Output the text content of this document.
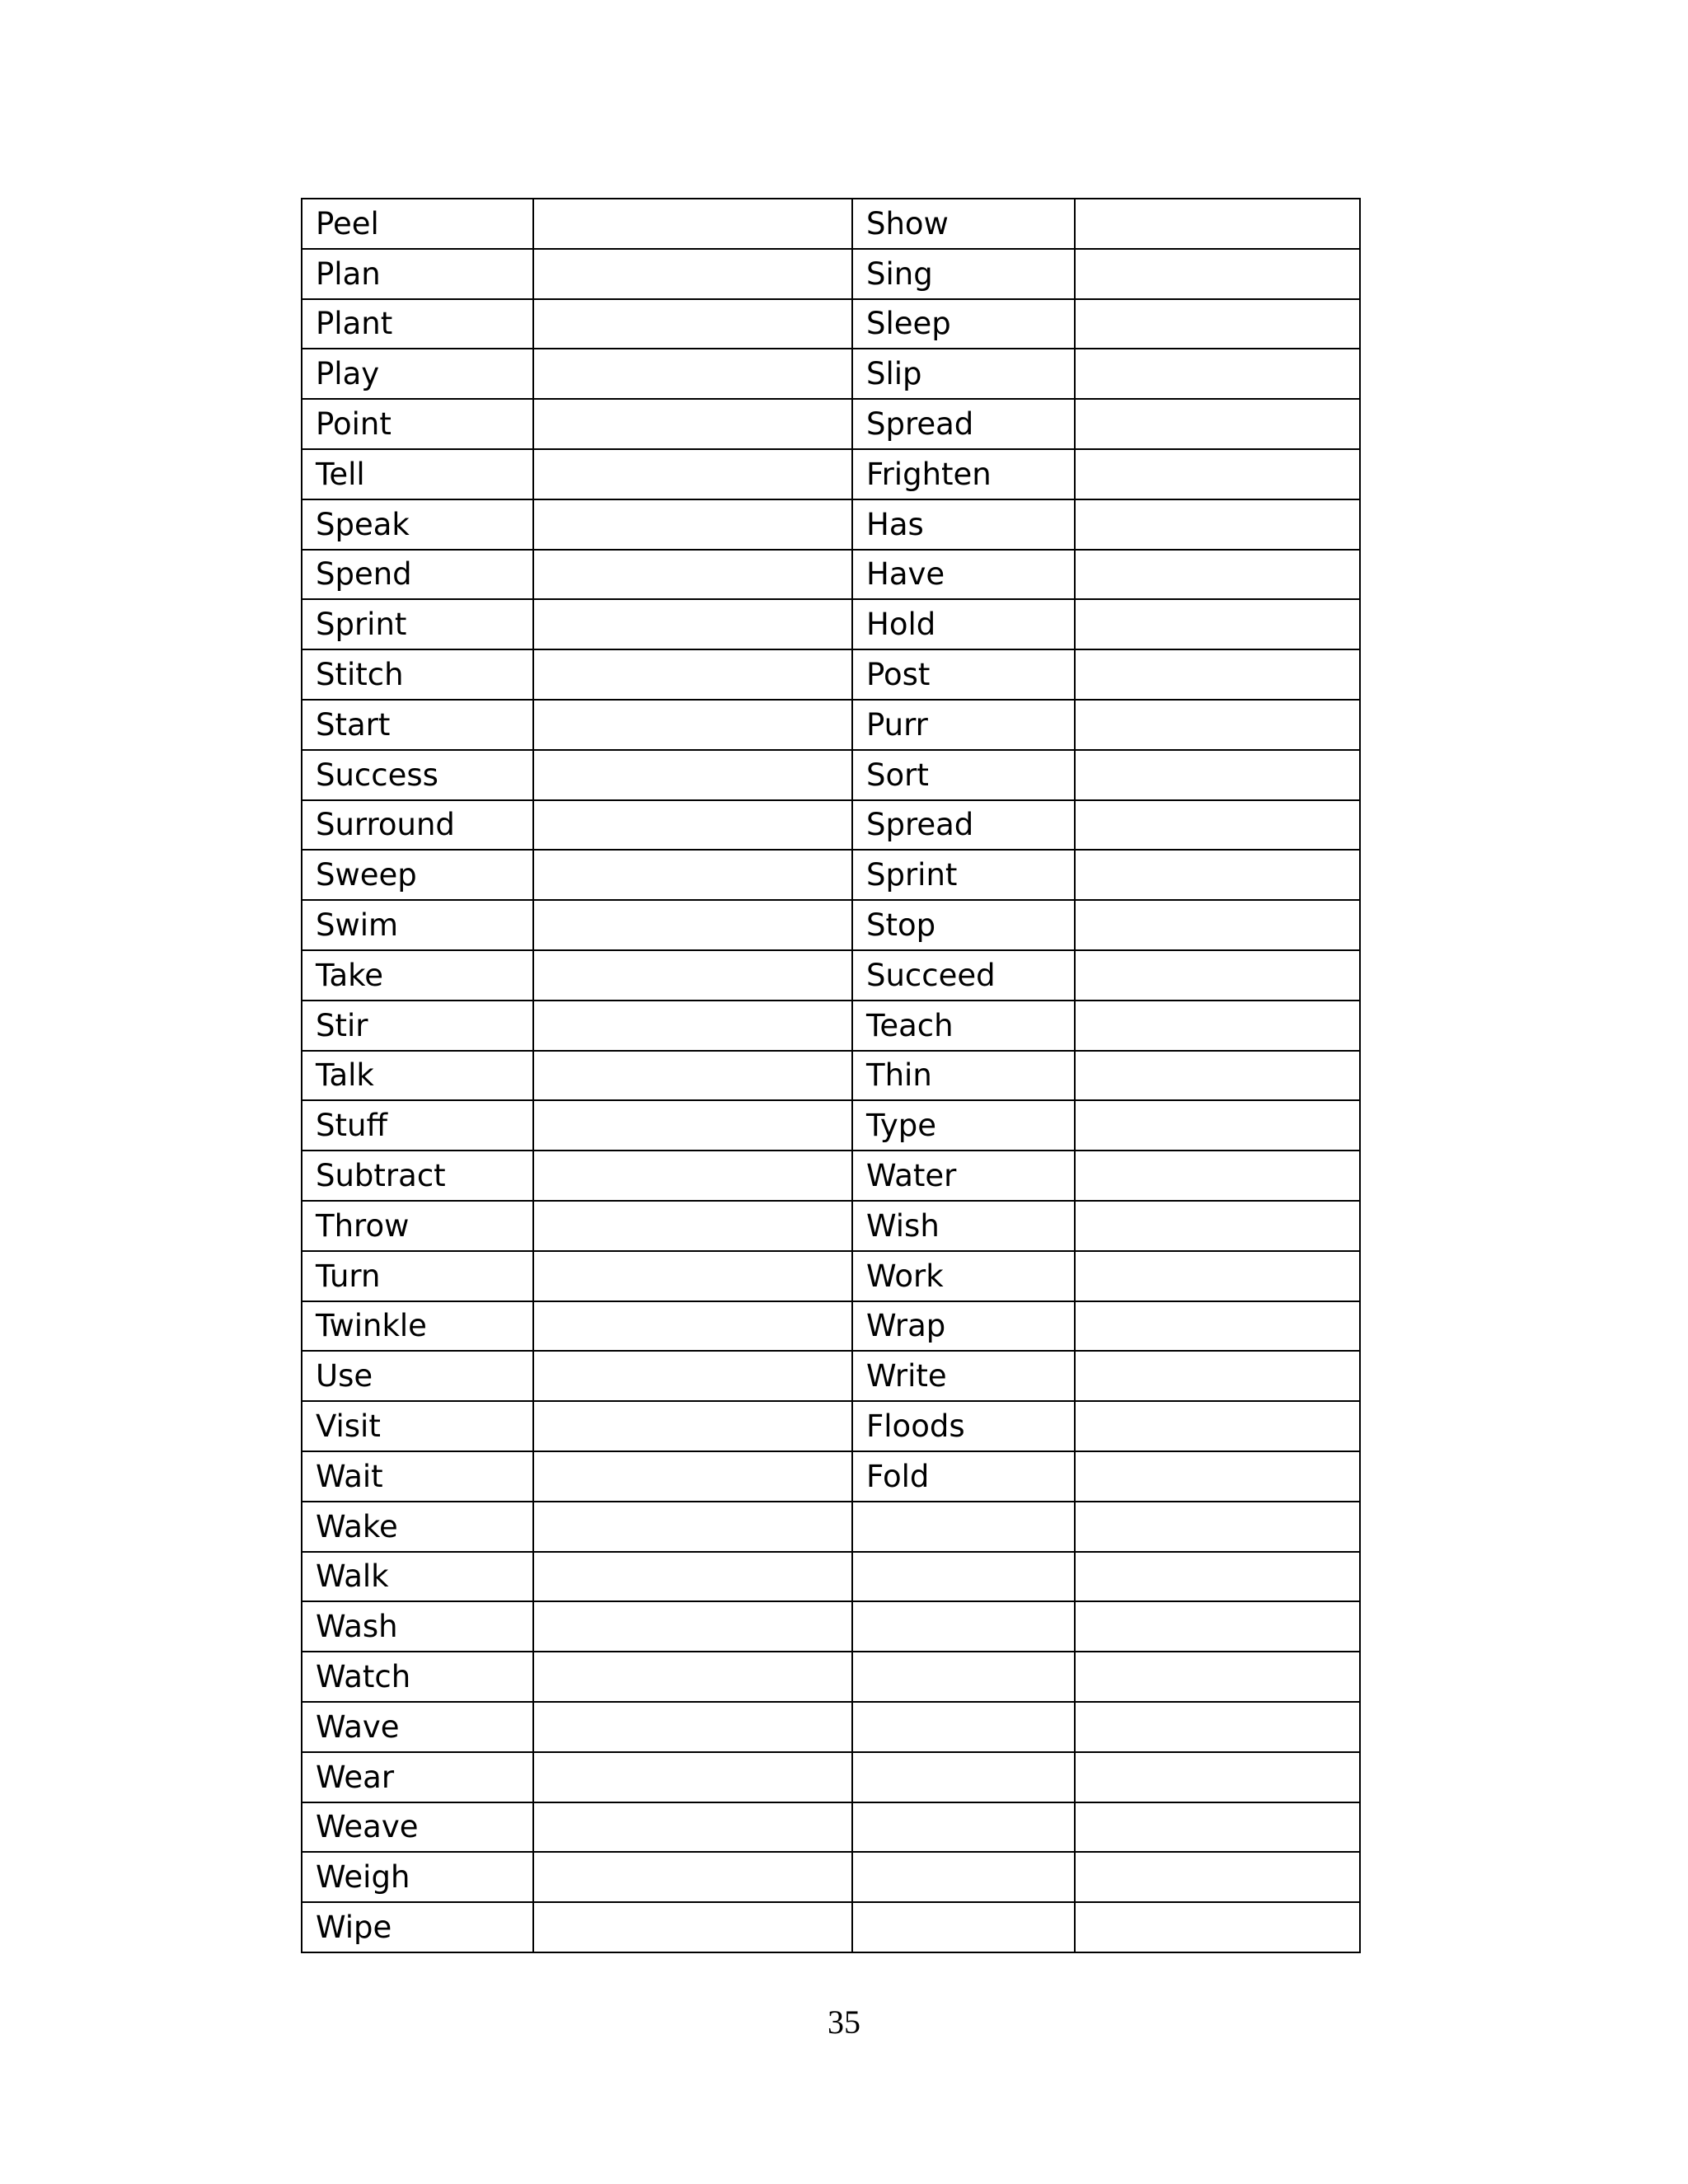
Peel		Show	
Plan		Sing	
Plant		Sleep	
Play		Slip	
Point		Spread	
Tell		Frighten	
Speak		Has	
Spend		Have	
Sprint		Hold	
Stitch		Post	
Start		Purr	
Success		Sort	
Surround		Spread	
Sweep		Sprint	
Swim		Stop	
Take		Succeed	
Stir		Teach	
Talk		Thin	
Stuff		Type	
Subtract		Water	
Throw		Wish	
Turn		Work	
Twinkle		Wrap	
Use		Write	
Visit		Floods	
Wait		Fold	
Wake			
Walk			
Wash			
Watch			
Wave			
Wear			
Weave			
Weigh			
Wipe			
35
